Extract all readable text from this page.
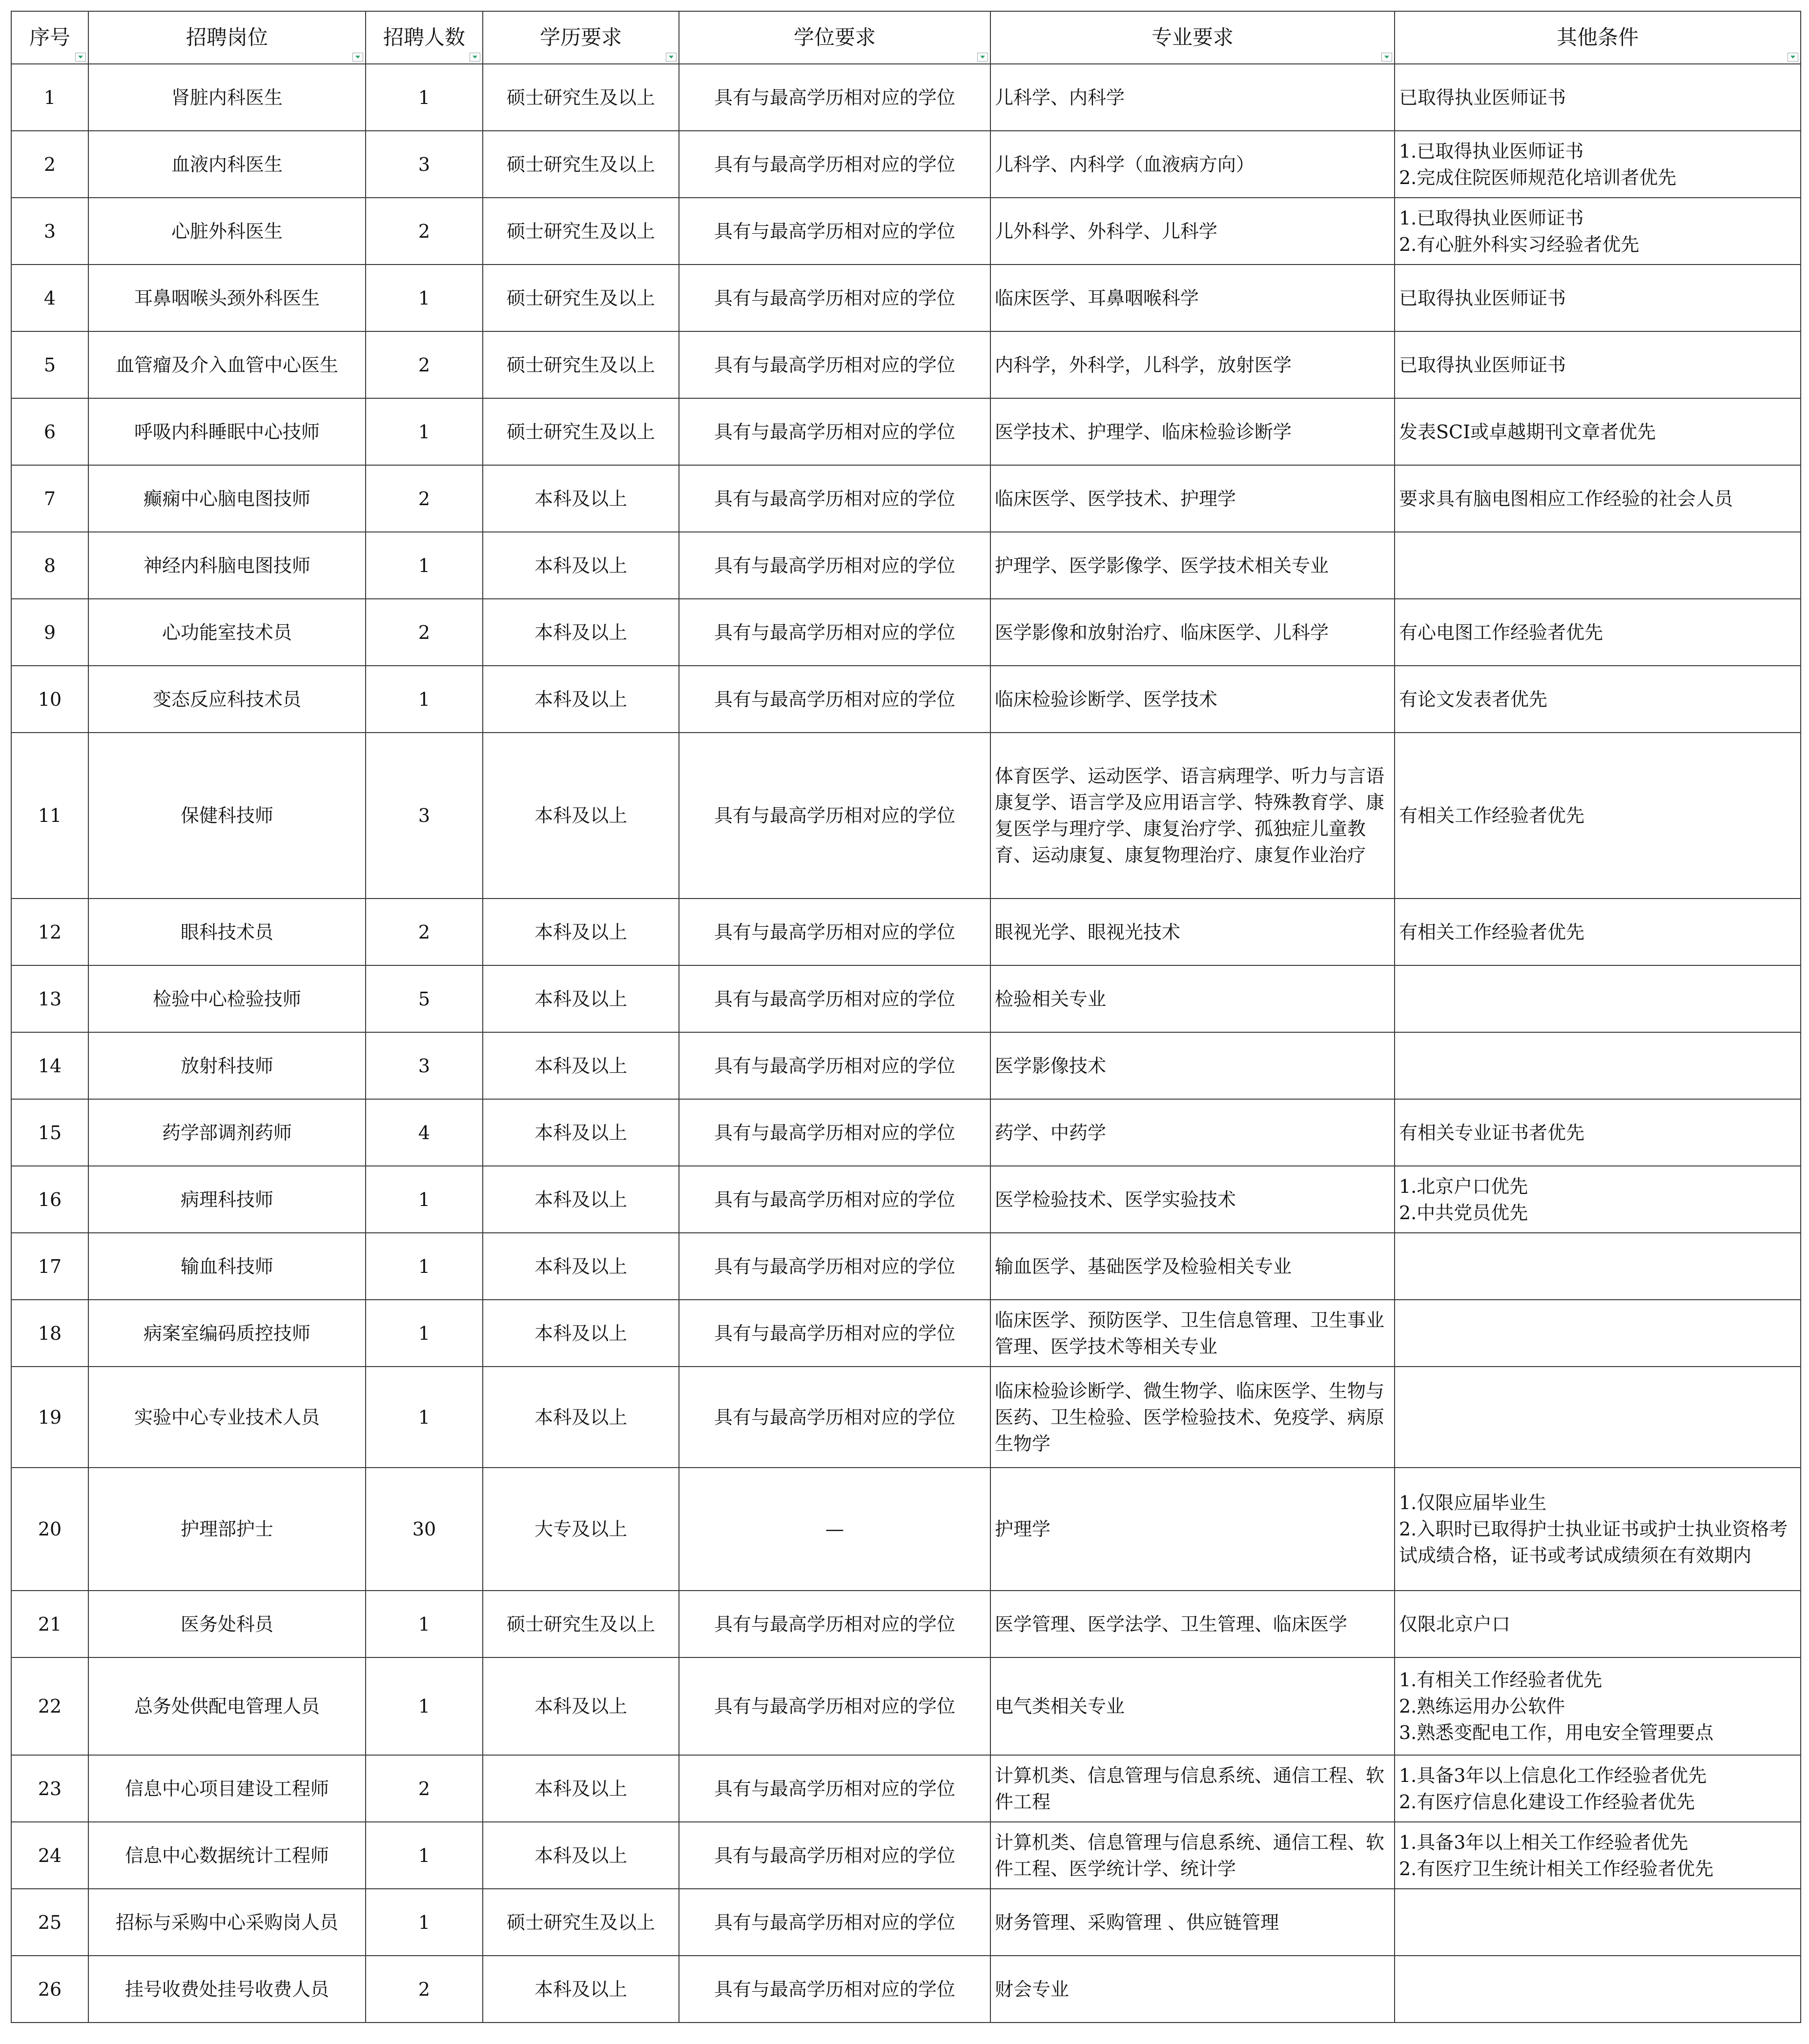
序号	招聘岗位	招聘人数	学历要求	学位要求	专业要求	其他条件

1	肾脏内科医生	1	硕士研究生及以上	具有与最高学历相对应的学位	儿科学、内科学	已取得执业医师证书
2	血液内科医生	3	硕士研究生及以上	具有与最高学历相对应的学位	儿科学、内科学（血液病方向）	1.已取得执业医师证书
2.完成住院医师规范化培训者优先
3	心脏外科医生	2	硕士研究生及以上	具有与最高学历相对应的学位	儿外科学、外科学、儿科学	1.已取得执业医师证书
2.有心脏外科实习经验者优先
4	耳鼻咽喉头颈外科医生	1	硕士研究生及以上	具有与最高学历相对应的学位	临床医学、耳鼻咽喉科学	已取得执业医师证书
5	血管瘤及介入血管中心医生	2	硕士研究生及以上	具有与最高学历相对应的学位	内科学，外科学，儿科学，放射医学	已取得执业医师证书
6	呼吸内科睡眠中心技师	1	硕士研究生及以上	具有与最高学历相对应的学位	医学技术、护理学、临床检验诊断学	发表SCI或卓越期刊文章者优先
7	癫痫中心脑电图技师	2	本科及以上	具有与最高学历相对应的学位	临床医学、医学技术、护理学	要求具有脑电图相应工作经验的社会人员
8	神经内科脑电图技师	1	本科及以上	具有与最高学历相对应的学位	护理学、医学影像学、医学技术相关专业	
9	心功能室技术员	2	本科及以上	具有与最高学历相对应的学位	医学影像和放射治疗、临床医学、儿科学	有心电图工作经验者优先
10	变态反应科技术员	1	本科及以上	具有与最高学历相对应的学位	临床检验诊断学、医学技术	有论文发表者优先
11	保健科技师	3	本科及以上	具有与最高学历相对应的学位	体育医学、运动医学、语言病理学、听力与言语康复学、语言学及应用语言学、特殊教育学、康复医学与理疗学、康复治疗学、孤独症儿童教育、运动康复、康复物理治疗、康复作业治疗	有相关工作经验者优先
12	眼科技术员	2	本科及以上	具有与最高学历相对应的学位	眼视光学、眼视光技术	有相关工作经验者优先
13	检验中心检验技师	5	本科及以上	具有与最高学历相对应的学位	检验相关专业	
14	放射科技师	3	本科及以上	具有与最高学历相对应的学位	医学影像技术	
15	药学部调剂药师	4	本科及以上	具有与最高学历相对应的学位	药学、中药学	有相关专业证书者优先
16	病理科技师	1	本科及以上	具有与最高学历相对应的学位	医学检验技术、医学实验技术	1.北京户口优先
2.中共党员优先
17	输血科技师	1	本科及以上	具有与最高学历相对应的学位	输血医学、基础医学及检验相关专业	
18	病案室编码质控技师	1	本科及以上	具有与最高学历相对应的学位	临床医学、预防医学、卫生信息管理、卫生事业管理、医学技术等相关专业	
19	实验中心专业技术人员	1	本科及以上	具有与最高学历相对应的学位	临床检验诊断学、微生物学、临床医学、生物与医药、卫生检验、医学检验技术、免疫学、病原生物学	
20	护理部护士	30	大专及以上	—	护理学	1.仅限应届毕业生
2.入职时已取得护士执业证书或护士执业资格考试成绩合格，证书或考试成绩须在有效期内
21	医务处科员	1	硕士研究生及以上	具有与最高学历相对应的学位	医学管理、医学法学、卫生管理、临床医学	仅限北京户口
22	总务处供配电管理人员	1	本科及以上	具有与最高学历相对应的学位	电气类相关专业	1.有相关工作经验者优先
2.熟练运用办公软件
3.熟悉变配电工作，用电安全管理要点
23	信息中心项目建设工程师	2	本科及以上	具有与最高学历相对应的学位	计算机类、信息管理与信息系统、通信工程、软件工程	1.具备3年以上信息化工作经验者优先
2.有医疗信息化建设工作经验者优先
24	信息中心数据统计工程师	1	本科及以上	具有与最高学历相对应的学位	计算机类、信息管理与信息系统、通信工程、软件工程、医学统计学、统计学	1.具备3年以上相关工作经验者优先
2.有医疗卫生统计相关工作经验者优先
25	招标与采购中心采购岗人员	1	硕士研究生及以上	具有与最高学历相对应的学位	财务管理、采购管理 、供应链管理	
26	挂号收费处挂号收费人员	2	本科及以上	具有与最高学历相对应的学位	财会专业	
